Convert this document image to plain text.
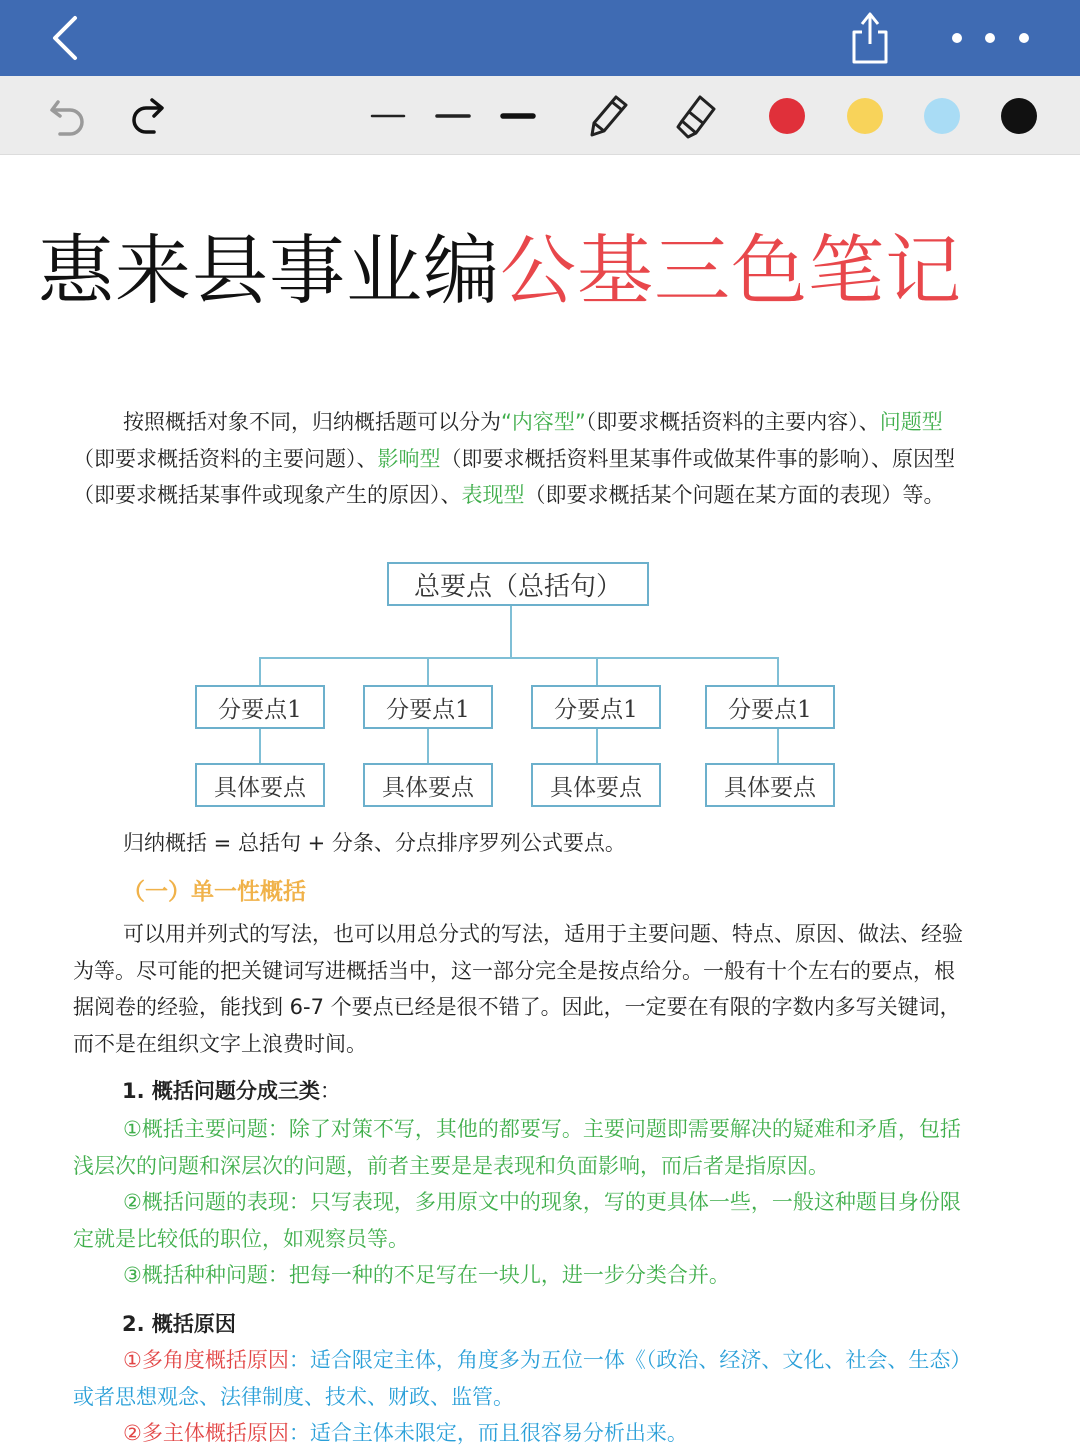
惠来县事业编公基三色笔记
按照概括对象不同，归纳概括题可以分为“内容型”（即要求概括资料的主要内容）、问题型（即要求概括资料的主要问题）、影响型（即要求概括资料里某事件或做某件事的影响）、原因型（即要求概括某事件或现象产生的原因）、表现型（即要求概括某个问题在某方面的表现）等。
总要点（总括句）
分要点1	分要点1	分要点1	分要点1
具体要点	具体要点	具体要点	具体要点
归纳概括 = 总括句 + 分条、分点排序罗列公式要点。
（一）单一性概括
可以用并列式的写法，也可以用总分式的写法，适用于主要问题、特点、原因、做法、经验为等。尽可能的把关键词写进概括当中，这一部分完全是按点给分。一般有十个左右的要点，根据阅卷的经验，能找到 6-7 个要点已经是很不错了。因此，一定要在有限的字数内多写关键词，而不是在组织文字上浪费时间。
1. 概括问题分成三类：
①概括主要问题：除了对策不写，其他的都要写。主要问题即需要解决的疑难和矛盾，包括浅层次的问题和深层次的问题，前者主要是是表现和负面影响，而后者是指原因。
②概括问题的表现：只写表现，多用原文中的现象，写的更具体一些，一般这种题目身份限定就是比较低的职位，如观察员等。
③概括种种问题：把每一种的不足写在一块儿，进一步分类合并。
2. 概括原因
①多角度概括原因：适合限定主体，角度多为五位一体《（政治、经济、文化、社会、生态）或者思想观念、法律制度、技术、财政、监管。
②多主体概括原因：适合主体未限定，而且很容易分析出来。
